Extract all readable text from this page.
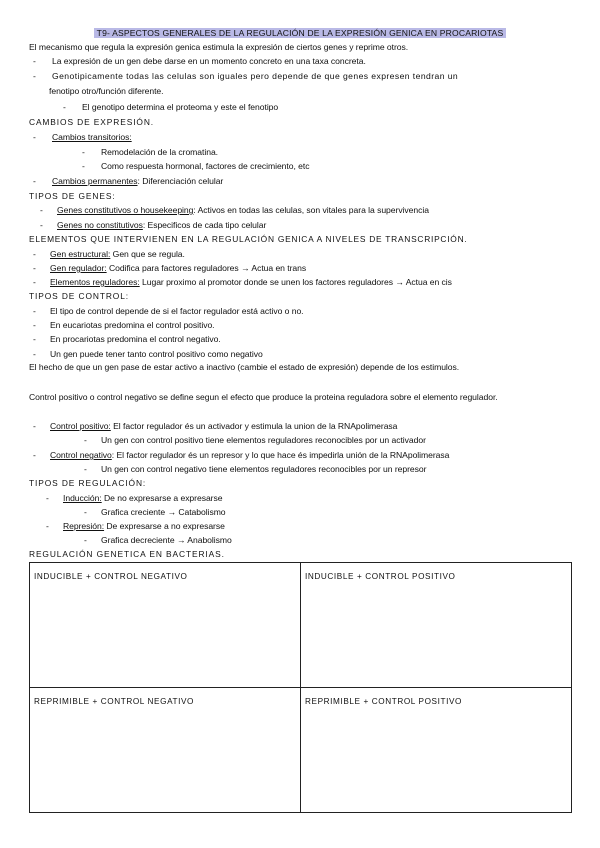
T9- ASPECTOS GENERALES DE LA REGULACIÓN DE LA EXPRESIÓN GENICA EN PROCARIOTAS
El mecanismo que regula la expresión genica estimula la expresión de ciertos genes y reprime otros.
- La expresión de un gen debe darse en un momento concreto en una taxa concreta.
- Genotipicamente todas las celulas son iguales pero depende de que genes expresen tendran un
fenotipo otro/función diferente.
- El genotipo determina el proteoma y este el fenotipo
CAMBIOS DE EXPRESIÓN.
- Cambios transitorios:
- Remodelación de la cromatina.
- Como respuesta hormonal, factores de crecimiento, etc
- Cambios permanentes: Diferenciación celular
TIPOS DE GENES:
- Genes constitutivos o housekeeping: Activos en todas las celulas, son vitales para la supervivencia
- Genes no constitutivos: Especificos de cada tipo celular
ELEMENTOS QUE INTERVIENEN EN LA REGULACIÓN GENICA A NIVELES DE TRANSCRIPCIÓN.
- Gen estructural: Gen que se regula.
- Gen regulador: Codifica para factores reguladores → Actua en trans
- Elementos reguladores: Lugar proximo al promotor donde se unen los factores reguladores → Actua en cis
TIPOS DE CONTROL:
- El tipo de control depende de si el factor regulador está activo o no.
- En eucariotas predomina el control positivo.
- En procariotas predomina el control negativo.
- Un gen puede tener tanto control positivo como negativo
El hecho de que un gen pase de estar activo a inactivo (cambie el estado de expresión) depende de los estimulos.
Control positivo o control negativo se define segun el efecto que produce la proteina reguladora sobre el elemento regulador.
- Control positivo: El factor regulador és un activador y estimula la union de la RNApolimerasa
- Un gen con control positivo tiene elementos reguladores reconocibles por un activador
- Control negativo: El factor regulador és un represor y lo que hace és impedirla unión de la RNApolimerasa
- Un gen con control negativo tiene elementos reguladores reconocibles por un represor
TIPOS DE REGULACIÓN:
- Inducción: De no expresarse a expresarse
- Grafica creciente → Catabolismo
- Represión: De expresarse a no expresarse
- Grafica decreciente → Anabolismo
REGULACIÓN GENETICA EN BACTERIAS.
INDUCIBLE + CONTROL NEGATIVO	INDUCIBLE + CONTROL POSITIVO
REPRIMIBLE + CONTROL NEGATIVO	REPRIMIBLE + CONTROL POSITIVO
